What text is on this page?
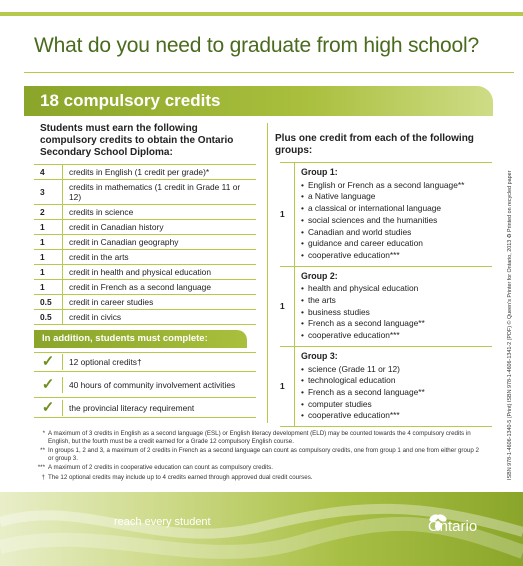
What do you need to graduate from high school?
18 compulsory credits
Students must earn the following compulsory credits to obtain the Ontario Secondary School Diploma:
Plus one credit from each of the following groups:
4	credits in English (1 credit per grade)*
3	credits in mathematics (1 credit in Grade 11 or 12)
2	credits in science
1	credit in Canadian history
1	credit in Canadian geography
1	credit in the arts
1	credit in health and physical education
1	credit in French as a second language
0.5	credit in career studies
0.5	credit in civics
In addition, students must complete:
✓	12 optional credits†
✓	40 hours of community involvement activities
✓	the provincial literacy requirement
1
Group 1:
• English or French as a second language**
• a Native language
• a classical or international language
• social sciences and the humanities
• Canadian and world studies
• guidance and career education
• cooperative education***
1
Group 2:
• health and physical education
• the arts
• business studies
• French as a second language**
• cooperative education***
1
Group 3:
• science (Grade 11 or 12)
• technological education
• French as a second language**
• computer studies
• cooperative education***
* A maximum of 3 credits in English as a second language (ESL) or English literacy development (ELD) may be counted towards the 4 compulsory credits in English, but the fourth must be a credit earned for a Grade 12 compulsory English course.
** In groups 1, 2 and 3, a maximum of 2 credits in French as a second language can count as compulsory credits, one from group 1 and one from either group 2 or group 3.
*** A maximum of 2 credits in cooperative education can count as compulsory credits.
† The 12 optional credits may include up to 4 credits earned through approved dual credit courses.	ISBN 978-1-4606-1340-5 (Print) ISBN 978-1-4606-1341-2 (PDF) © Queen's Printer for Ontario, 2013 ♻ Printed on recycled paper
reach every student	Ontario
